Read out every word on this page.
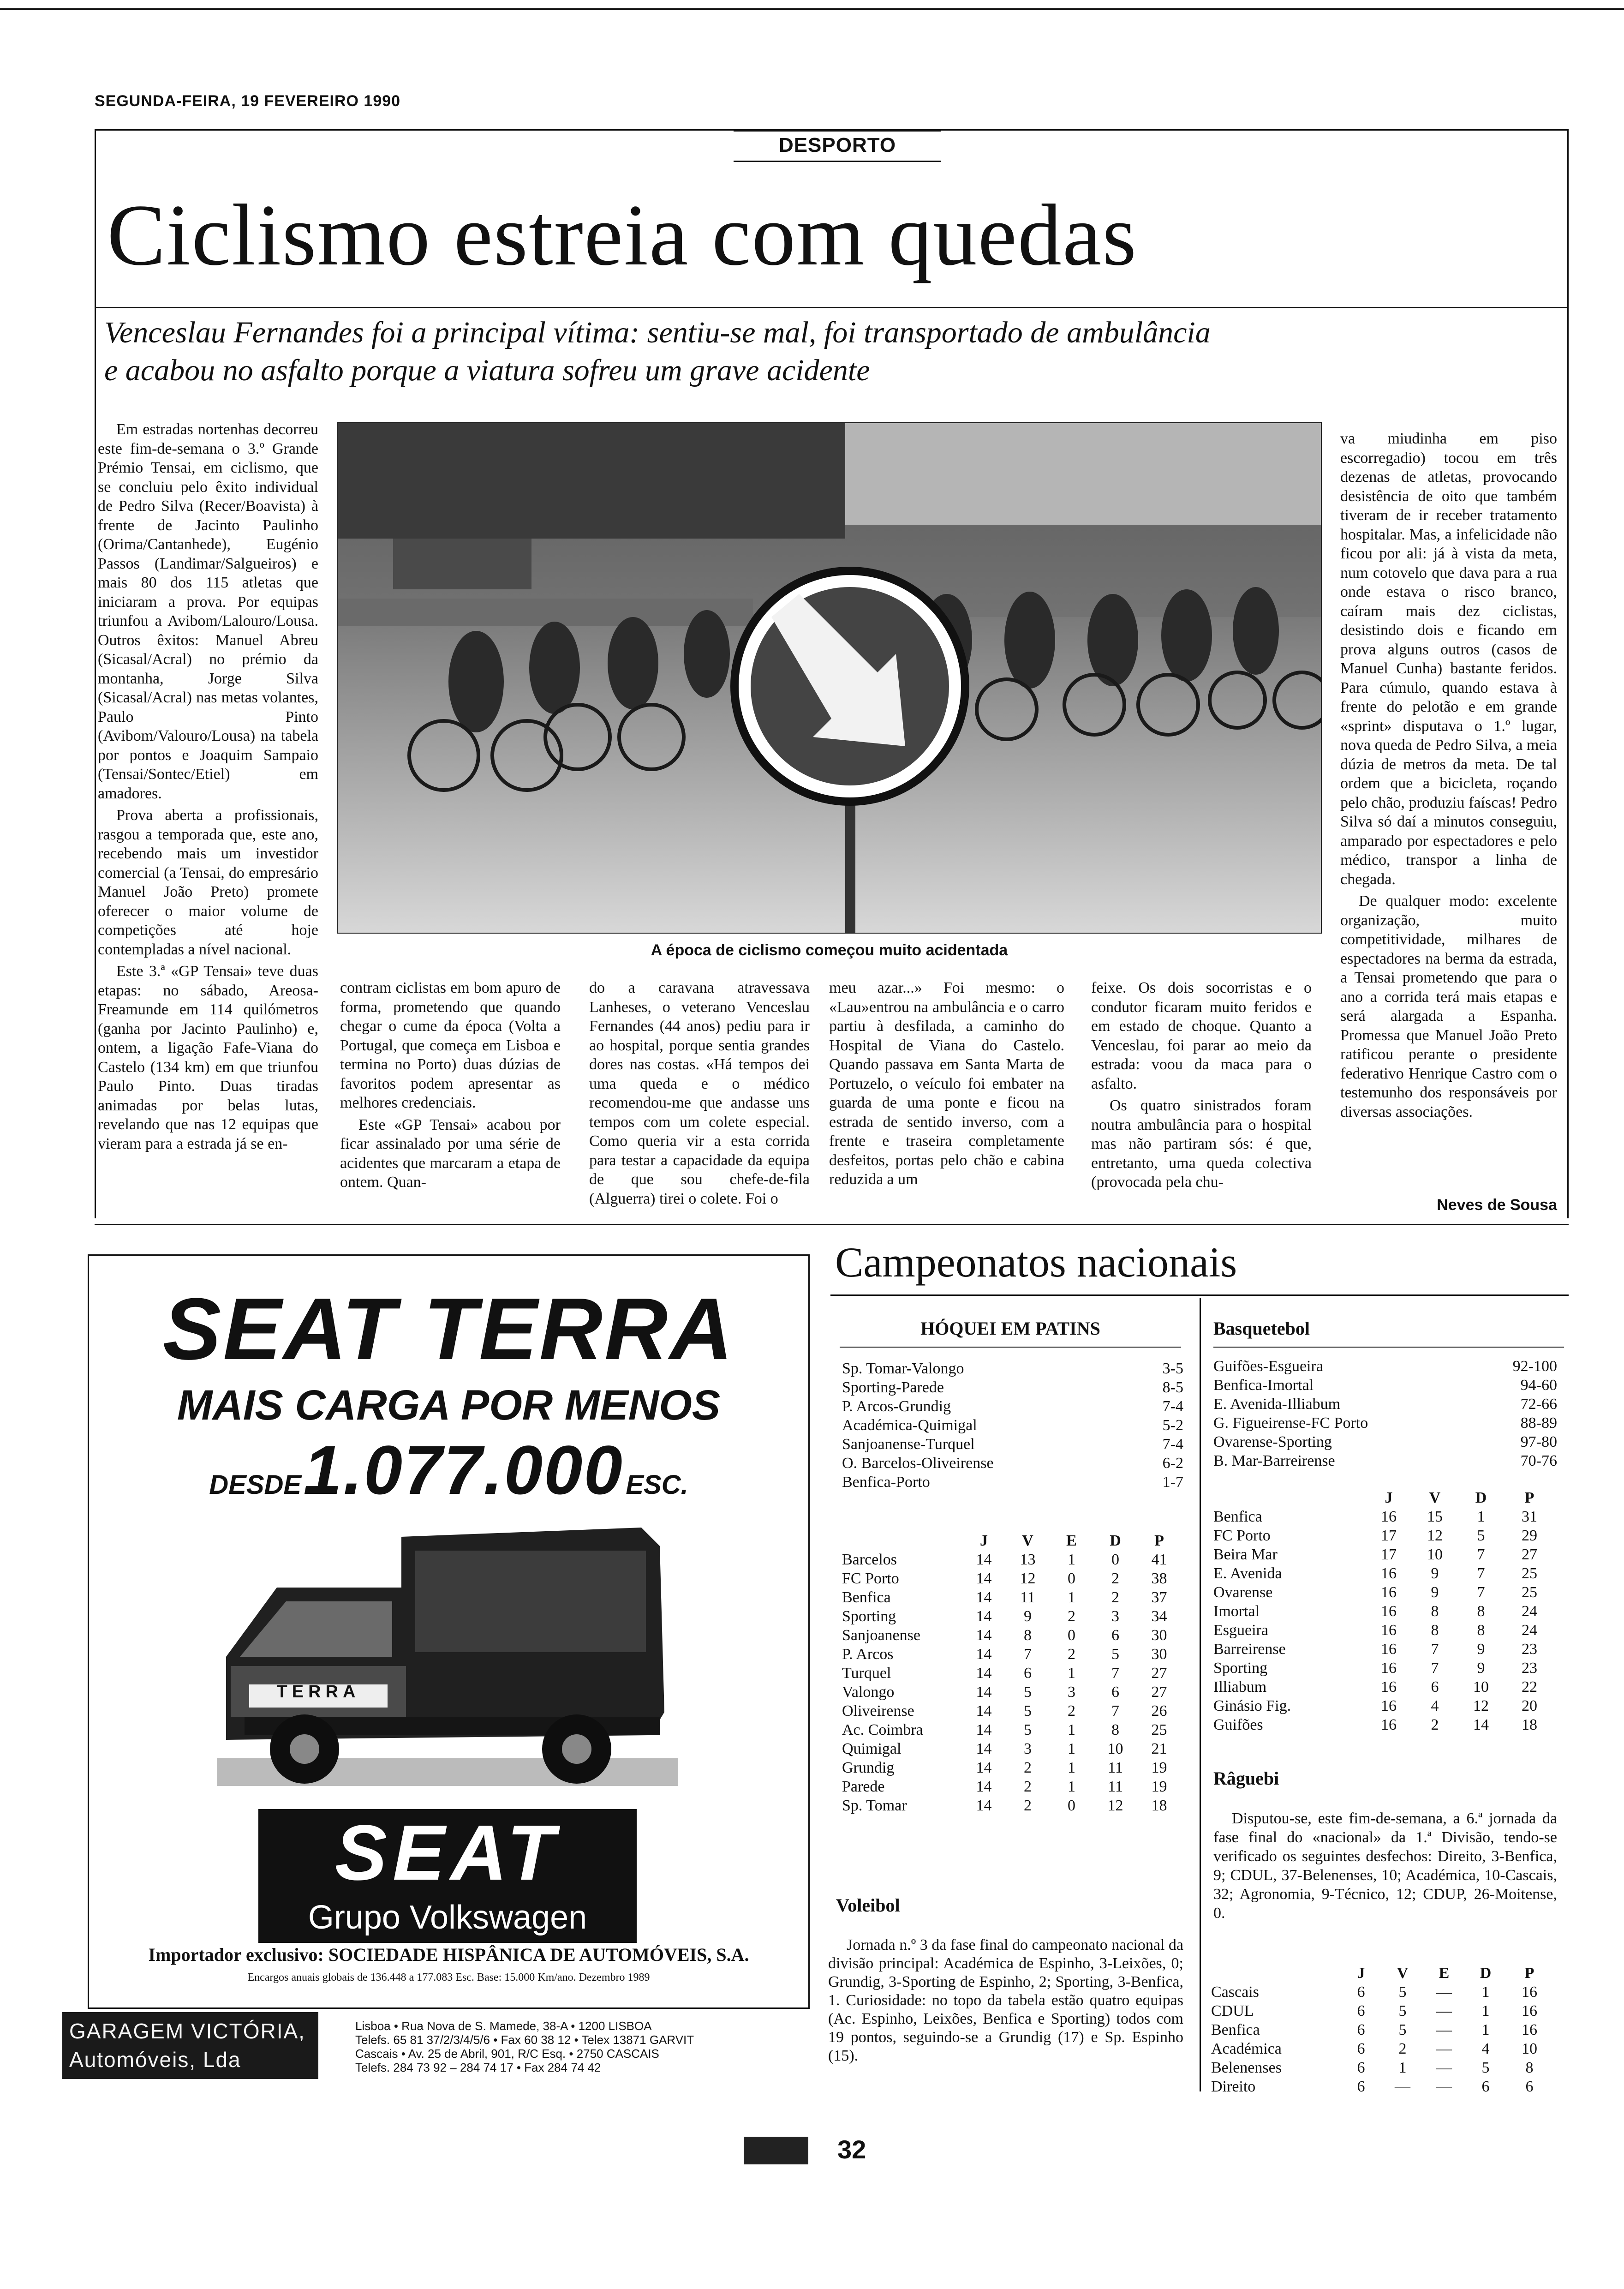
SEGUNDA-FEIRA, 19 FEVEREIRO 1990
DESPORTO
Ciclismo estreia com quedas
Venceslau Fernandes foi a principal vítima: sentiu-se mal, foi transportado de ambulância
e acabou no asfalto porque a viatura sofreu um grave acidente
A época de ciclismo começou muito acidentada

Em estradas nortenhas decorreu este fim-de-semana o 3.º Grande Prémio Tensai, em ciclismo, que se concluiu pelo êxito individual de Pedro Silva (Recer/Boavista) à frente de Jacinto Paulinho (Orima/Cantanhede), Eugénio Passos (Landimar/Salgueiros) e mais 80 dos 115 atletas que iniciaram a prova. Por equipas triunfou a Avibom/Lalouro/Lousa. Outros êxitos: Manuel Abreu (Sicasal/Acral) no prémio da montanha, Jorge Silva (Sicasal/Acral) nas metas volantes, Paulo Pinto (Avibom/Valouro/Lousa) na tabela por pontos e Joaquim Sampaio (Tensai/Sontec/Etiel) em amadores.

Prova aberta a profissionais, rasgou a temporada que, este ano, recebendo mais um investidor comercial (a Tensai, do empresário Manuel João Preto) promete oferecer o maior volume de competições até hoje contempladas a nível nacional.

Este 3.ª «GP Tensai» teve duas etapas: no sábado, Areosa-Freamunde em 114 quilómetros (ganha por Jacinto Paulinho) e, ontem, a ligação Fafe-Viana do Castelo (134 km) em que triunfou Paulo Pinto. Duas tiradas animadas por belas lutas, revelando que nas 12 equipas que vieram para a estrada já se en-

contram ciclistas em bom apuro de forma, prometendo que quando chegar o cume da época (Volta a Portugal, que começa em Lisboa e termina no Porto) duas dúzias de favoritos podem apresentar as melhores credenciais.

Este «GP Tensai» acabou por ficar assinalado por uma série de acidentes que marcaram a etapa de ontem. Quan-

do a caravana atravessava Lanheses, o veterano Venceslau Fernandes (44 anos) pediu para ir ao hospital, porque sentia grandes dores nas costas. «Há tempos dei uma queda e o médico recomendou-me que andasse uns tempos com um colete especial. Como queria vir a esta corrida para testar a capacidade da equipa de que sou chefe-de-fila (Alguerra) tirei o colete. Foi o

meu azar...» Foi mesmo: o «Lau»entrou na ambulância e o carro partiu à desfilada, a caminho do Hospital de Viana do Castelo. Quando passava em Santa Marta de Portuzelo, o veículo foi embater na guarda de uma ponte e ficou na estrada de sentido inverso, com a frente e traseira completamente desfeitos, portas pelo chão e cabina reduzida a um

feixe. Os dois socorristas e o condutor ficaram muito feridos e em estado de choque. Quanto a Venceslau, foi parar ao meio da estrada: voou da maca para o asfalto.

Os quatro sinistrados foram noutra ambulância para o hospital mas não partiram sós: é que, entretanto, uma queda colectiva (provocada pela chu-

va miudinha em piso escorregadio) tocou em três dezenas de atletas, provocando desistência de oito que também tiveram de ir receber tratamento hospitalar. Mas, a infelicidade não ficou por ali: já à vista da meta, num cotovelo que dava para a rua onde estava o risco branco, caíram mais dez ciclistas, desistindo dois e ficando em prova alguns outros (casos de Manuel Cunha) bastante feridos. Para cúmulo, quando estava à frente do pelotão e em grande «sprint» disputava o 1.º lugar, nova queda de Pedro Silva, a meia dúzia de metros da meta. De tal ordem que a bicicleta, roçando pelo chão, produziu faíscas! Pedro Silva só daí a minutos conseguiu, amparado por espectadores e pelo médico, transpor a linha de chegada.

De qualquer modo: excelente organização, muito competitividade, milhares de espectadores na berma da estrada, a Tensai prometendo que para o ano a corrida terá mais etapas e será alargada a Espanha. Promessa que Manuel João Preto ratificou perante o presidente federativo Henrique Castro com o testemunho dos responsáveis por diversas associações.

Neves de Sousa
SEAT TERRA
MAIS CARGA POR MENOS
DESDE 1.077.000 ESC.
TERRA
SEAT
Grupo Volkswagen
Importador exclusivo: SOCIEDADE HISPÂNICA DE AUTOMÓVEIS, S.A.
Encargos anuais globais de 136.448 a 177.083 Esc. Base: 15.000 Km/ano. Dezembro 1989
GARAGEM VICTÓRIA,
Automóveis, Lda
Lisboa • Rua Nova de S. Mamede, 38-A • 1200 LISBOA
Telefs. 65 81 37/2/3/4/5/6 • Fax 60 38 12 • Telex 13871 GARVIT
Cascais • Av. 25 de Abril, 901, R/C Esq. • 2750 CASCAIS
Telefs. 284 73 92 – 284 74 17 • Fax 284 74 42
Campeonatos nacionais
HÓQUEI EM PATINS
Sp. Tomar-Valongo	3-5
Sporting-Parede	8-5
P. Arcos-Grundig	7-4
Académica-Quimigal	5-2
Sanjoanense-Turquel	7-4
O. Barcelos-Oliveirense	6-2
Benfica-Porto	1-7
J	V	E	D	P
Barcelos	14	13	1	0	41
FC Porto	14	12	0	2	38
Benfica	14	11	1	2	37
Sporting	14	9	2	3	34
Sanjoanense	14	8	0	6	30
P. Arcos	14	7	2	5	30
Turquel	14	6	1	7	27
Valongo	14	5	3	6	27
Oliveirense	14	5	2	7	26
Ac. Coimbra	14	5	1	8	25
Quimigal	14	3	1	10	21
Grundig	14	2	1	11	19
Parede	14	2	1	11	19
Sp. Tomar	14	2	0	12	18
Voleibol

Jornada n.º 3 da fase final do campeonato nacional da divisão principal: Académica de Espinho, 3-Leixões, 0; Grundig, 3-Sporting de Espinho, 2; Sporting, 3-Benfica, 1. Curiosidade: no topo da tabela estão quatro equipas (Ac. Espinho, Leixões, Benfica e Sporting) todos com 19 pontos, seguindo-se a Grundig (17) e Sp. Espinho (15).

Basquetebol
Guifões-Esgueira	92-100
Benfica-Imortal	94-60
E. Avenida-Illiabum	72-66
G. Figueirense-FC Porto	88-89
Ovarense-Sporting	97-80
B. Mar-Barreirense	70-76
J	V	D	P
Benfica	16	15	1	31
FC Porto	17	12	5	29
Beira Mar	17	10	7	27
E. Avenida	16	9	7	25
Ovarense	16	9	7	25
Imortal	16	8	8	24
Esgueira	16	8	8	24
Barreirense	16	7	9	23
Sporting	16	7	9	23
Illiabum	16	6	10	22
Ginásio Fig.	16	4	12	20
Guifões	16	2	14	18
Râguebi

Disputou-se, este fim-de-semana, a 6.ª jornada da fase final do «nacional» da 1.ª Divisão, tendo-se verificado os seguintes desfechos: Direito, 3-Benfica, 9; CDUL, 37-Belenenses, 10; Académica, 10-Cascais, 32; Agronomia, 9-Técnico, 12; CDUP, 26-Moitense, 0.

J	V	E	D	P
Cascais	6	5	—	1	16
CDUL	6	5	—	1	16
Benfica	6	5	—	1	16
Académica	6	2	—	4	10
Belenenses	6	1	—	5	8
Direito	6	—	—	6	6
32
